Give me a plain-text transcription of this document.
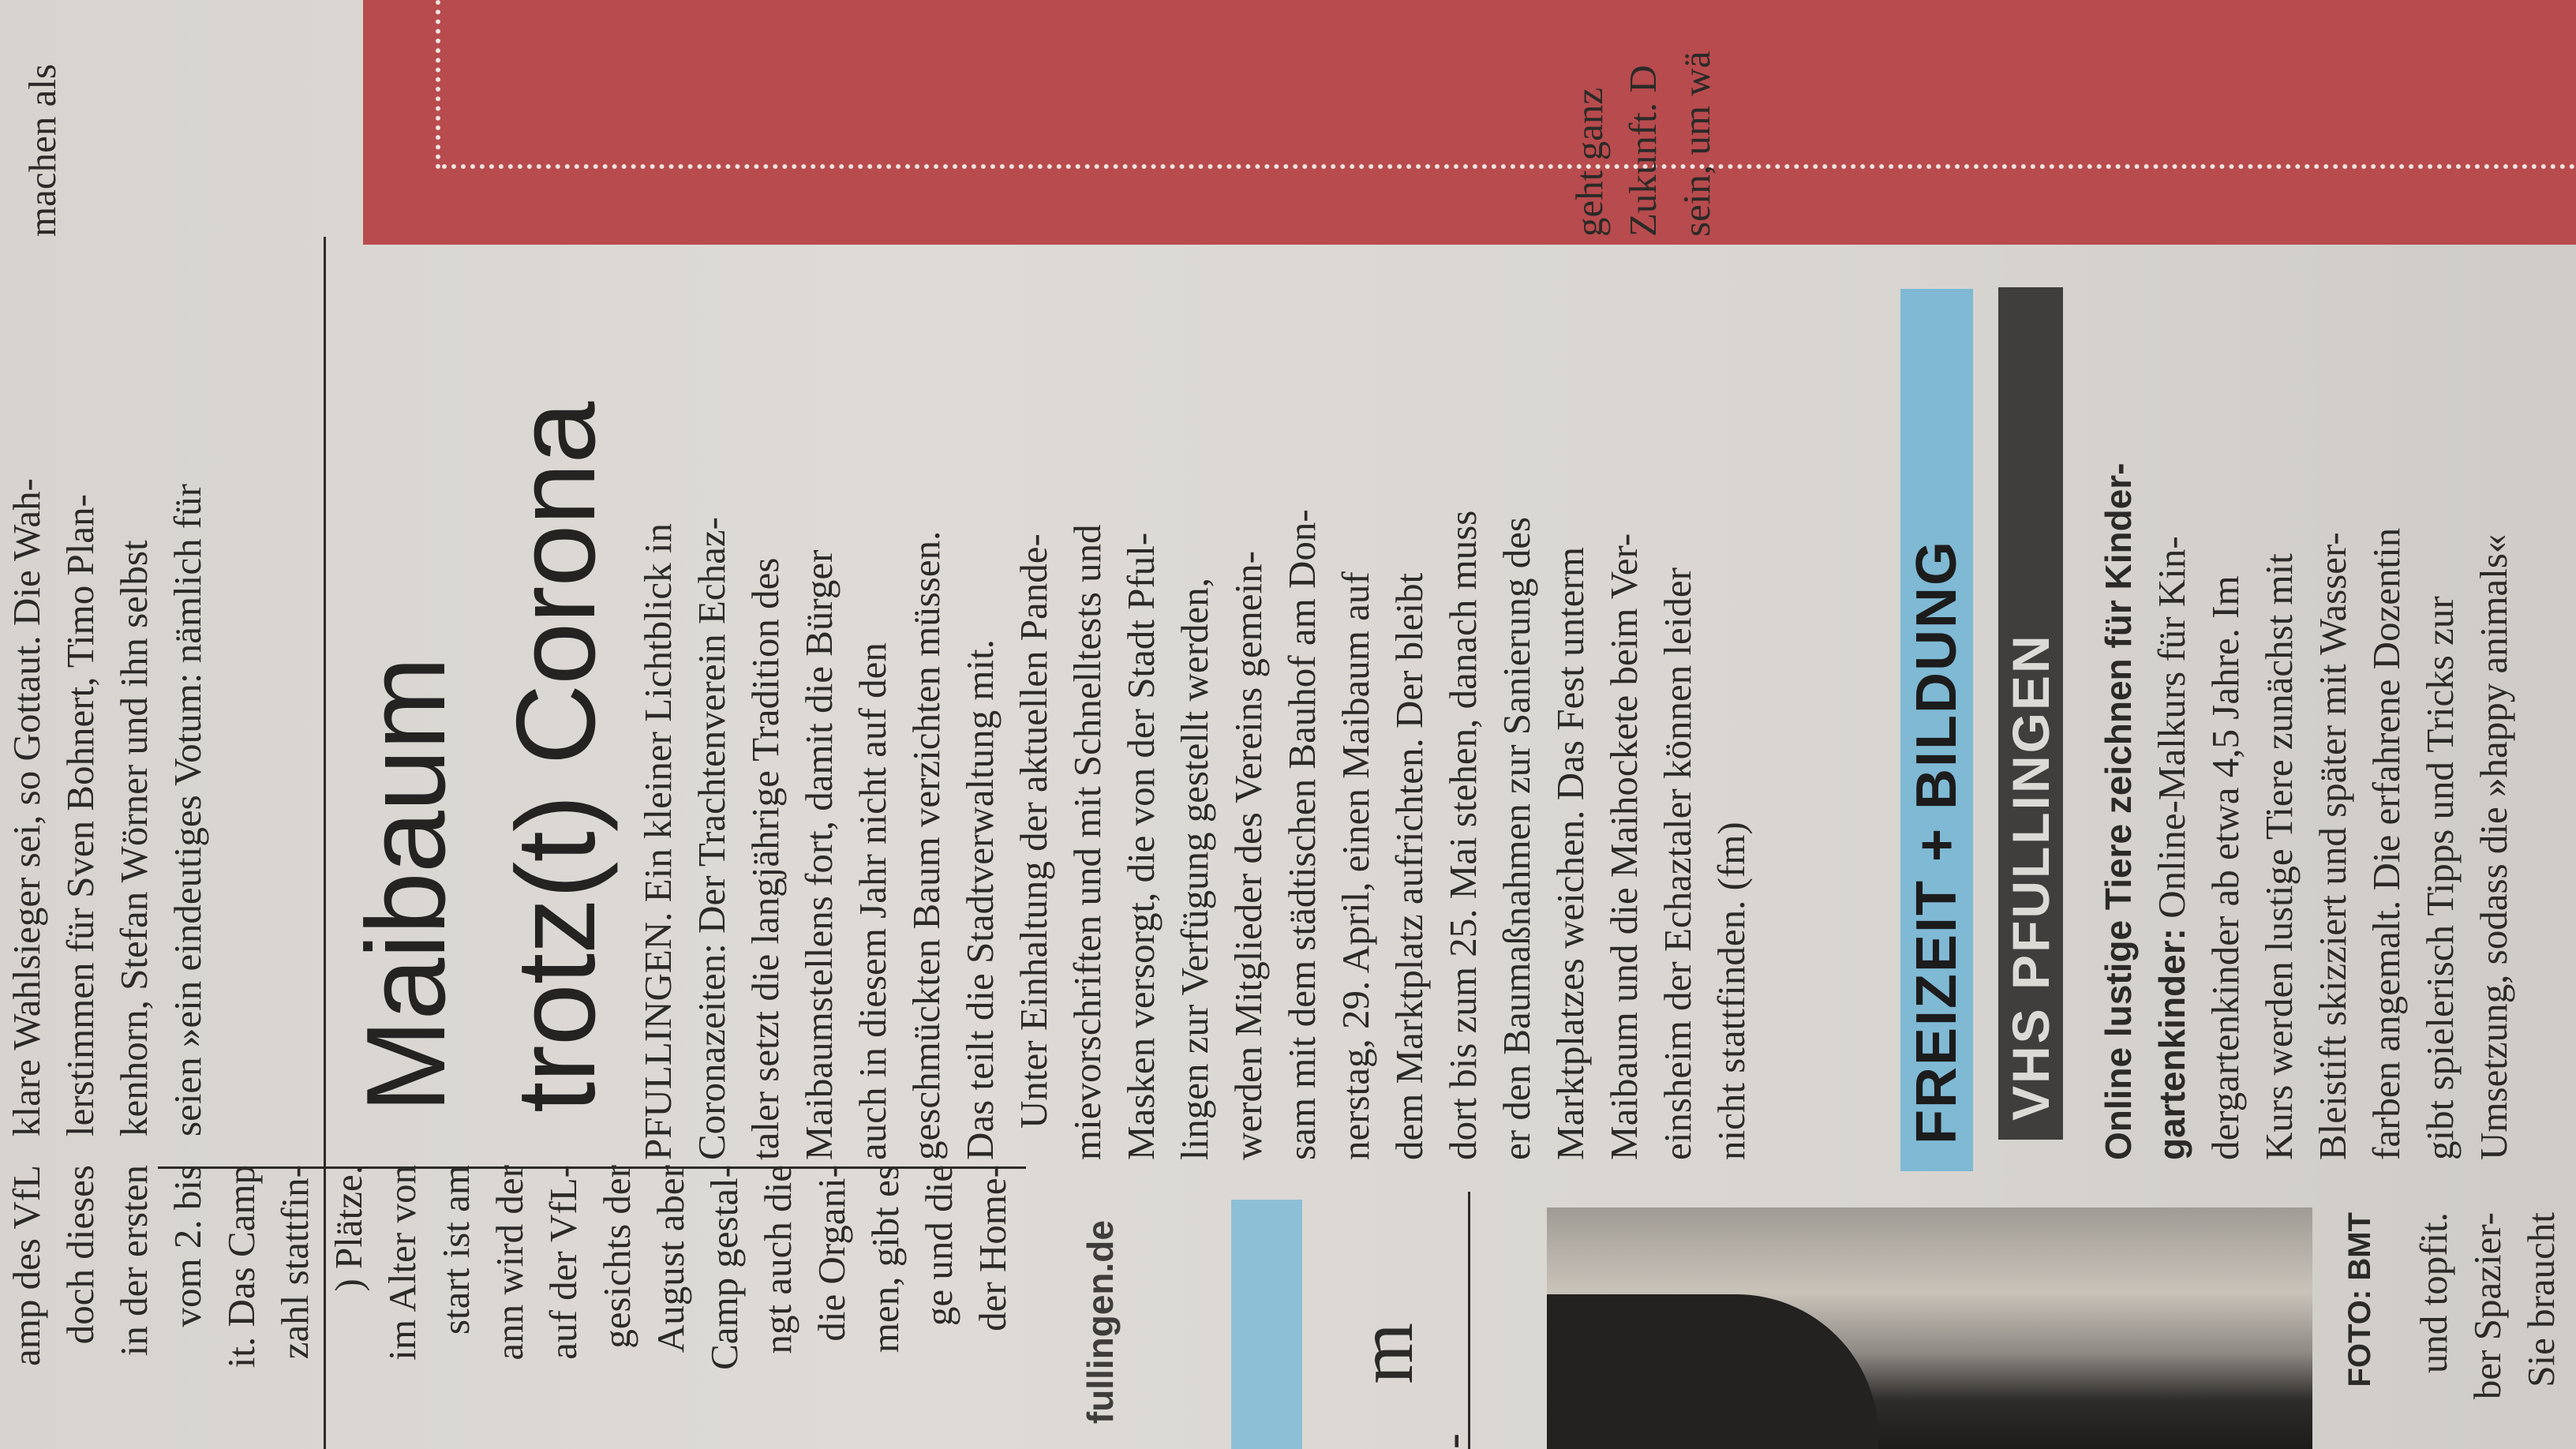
klare Wahlsieger sei, so Gottaut. Die Wah- lerstimmen für Sven Bohnert, Timo Plan- kenhorn, Stefan Wörner und ihn selbst seien »ein eindeutiges Votum: nämlich für
machen als	geht ganz Zukunft. D sein, um wä
amp des VfL doch dieses in der ersten vom 2. bis it. Das Camp zahl stattfin- ) Plätze. im Alter von start ist am ann wird der auf der VfL- gesichts der August aber Camp gestal- ngt auch die die Organi- men, gibt es ge und die der Home- fullingen.de	m
-
Maibaum trotz(t) Corona PFULLINGEN. Ein kleiner Lichtblick in Coronazeiten: Der Trachtenverein Echaz- taler setzt die langjährige Tradition des Maibaumstellens fort, damit die Bürger auch in diesem Jahr nicht auf den geschmückten Baum verzichten müssen. Das teilt die Stadtverwaltung mit. Unter Einhaltung der aktuellen Pande- mievorschriften und mit Schnelltests und Masken versorgt, die von der Stadt Pful- lingen zur Verfügung gestellt werden, werden Mitglieder des Vereins gemein- sam mit dem städtischen Bauhof am Don- nerstag, 29. April, einen Maibaum auf dem Marktplatz aufrichten. Der bleibt dort bis zum 25. Mai stehen, danach muss er den Baumaßnahmen zur Sanierung des Marktplatzes weichen. Das Fest unterm Maibaum und die Maihockete beim Ver- einsheim der Echaztaler können leider nicht stattfinden. (fm)	FREIZEIT + BILDUNG VHS PFULLINGEN Online lustige Tiere zeichnen für Kinder- gartenkinder: Online-Malkurs für Kin- dergartenkinder ab etwa 4,5 Jahre. Im Kurs werden lustige Tiere zunächst mit Bleistift skizziert und später mit Wasser- farben angemalt. Die erfahrene Dozentin gibt spielerisch Tipps und Tricks zur Umsetzung, sodass die »happy animals«
FOTO: BMT und topfit. ber Spazier- Sie braucht
